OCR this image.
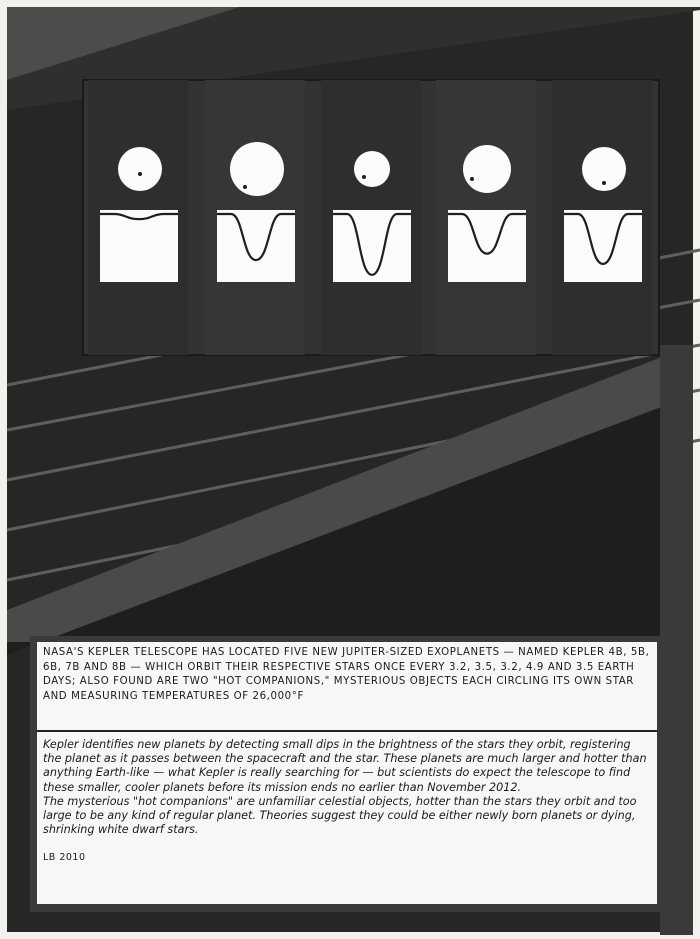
NASA'S KEPLER TELESCOPE HAS LOCATED FIVE NEW JUPITER-SIZED EXOPLANETS — NAMED KEPLER 4B, 5B, 6B, 7B AND 8B — WHICH ORBIT THEIR RESPECTIVE STARS ONCE EVERY 3.2, 3.5, 3.2, 4.9 AND 3.5 EARTH DAYS; ALSO FOUND ARE TWO "HOT COMPANIONS," MYSTERIOUS OBJECTS EACH CIRCLING ITS OWN STAR AND MEASURING TEMPERATURES OF 26,000°F

Kepler identifies new planets by detecting small dips in the brightness of the stars they orbit, registering the planet as it passes between the spacecraft and the star. These planets are much larger and hotter than anything Earth-like — what Kepler is really searching for — but scientists do expect the telescope to find these smaller, cooler planets before its mission ends no earlier than November 2012.

The mysterious "hot companions" are unfamiliar celestial objects, hotter than the stars they orbit and too large to be any kind of regular planet. Theories suggest they could be either newly born planets or dying, shrinking white dwarf stars.

LB 2010
